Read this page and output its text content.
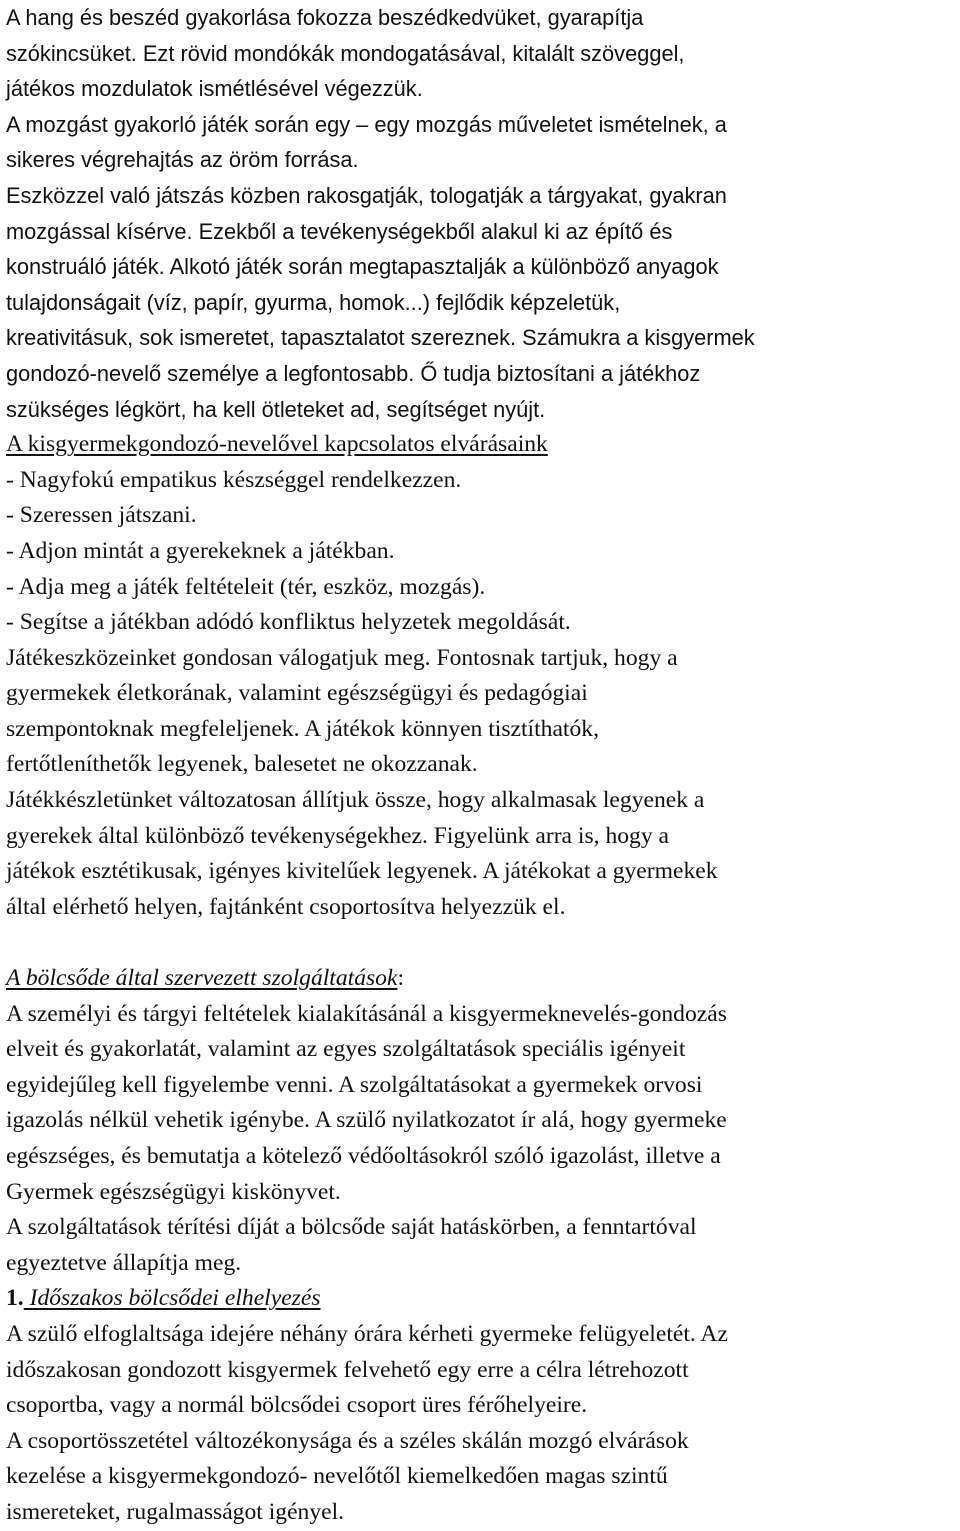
A hang és beszéd gyakorlása fokozza beszédkedvüket, gyarapítja
szókincsüket. Ezt rövid mondókák mondogatásával, kitalált szöveggel,
játékos mozdulatok ismétlésével végezzük.
A mozgást gyakorló játék során egy – egy mozgás műveletet ismételnek, a
sikeres végrehajtás az öröm forrása.
Eszközzel való játszás közben rakosgatják, tologatják a tárgyakat, gyakran
mozgással kísérve. Ezekből a tevékenységekből alakul ki az építő és
konstruáló játék. Alkotó játék során megtapasztalják a különböző anyagok
tulajdonságait (víz, papír, gyurma, homok...) fejlődik képzeletük,
kreativitásuk, sok ismeretet, tapasztalatot szereznek. Számukra a kisgyermek
gondozó-nevelő személye a legfontosabb. Ő tudja biztosítani a játékhoz
szükséges légkört, ha kell ötleteket ad, segítséget nyújt.
A kisgyermekgondozó-nevelővel kapcsolatos elvárásaink
- Nagyfokú empatikus készséggel rendelkezzen.
- Szeressen játszani.
- Adjon mintát a gyerekeknek a játékban.
- Adja meg a játék feltételeit (tér, eszköz, mozgás).
- Segítse a játékban adódó konfliktus helyzetek megoldását.
Játékeszközeinket gondosan válogatjuk meg. Fontosnak tartjuk, hogy a
gyermekek életkorának, valamint egészségügyi és pedagógiai
szempontoknak megfeleljenek. A játékok könnyen tisztíthatók,
fertőtleníthetők legyenek, balesetet ne okozzanak.
Játékkészletünket változatosan állítjuk össze, hogy alkalmasak legyenek a
gyerekek által különböző tevékenységekhez. Figyelünk arra is, hogy a
játékok esztétikusak, igényes kivitelűek legyenek. A játékokat a gyermekek
által elérhető helyen, fajtánként csoportosítva helyezzük el.
A bölcsőde által szervezett szolgáltatások:
A személyi és tárgyi feltételek kialakításánál a kisgyermeknevelés-gondozás
elveit és gyakorlatát, valamint az egyes szolgáltatások speciális igényeit
egyidejűleg kell figyelembe venni. A szolgáltatásokat a gyermekek orvosi
igazolás nélkül vehetik igénybe. A szülő nyilatkozatot ír alá, hogy gyermeke
egészséges, és bemutatja a kötelező védőoltásokról szóló igazolást, illetve a
Gyermek egészségügyi kiskönyvet.
A szolgáltatások térítési díját a bölcsőde saját hatáskörben, a fenntartóval
egyeztetve állapítja meg.
1. Időszakos bölcsődei elhelyezés
A szülő elfoglaltsága idejére néhány órára kérheti gyermeke felügyeletét. Az
időszakosan gondozott kisgyermek felvehető egy erre a célra létrehozott
csoportba, vagy a normál bölcsődei csoport üres férőhelyeire.
A csoportösszetétel változékonysága és a széles skálán mozgó elvárások
kezelése a kisgyermekgondozó- nevelőtől kiemelkedően magas szintű
ismereteket, rugalmasságot igényel.
